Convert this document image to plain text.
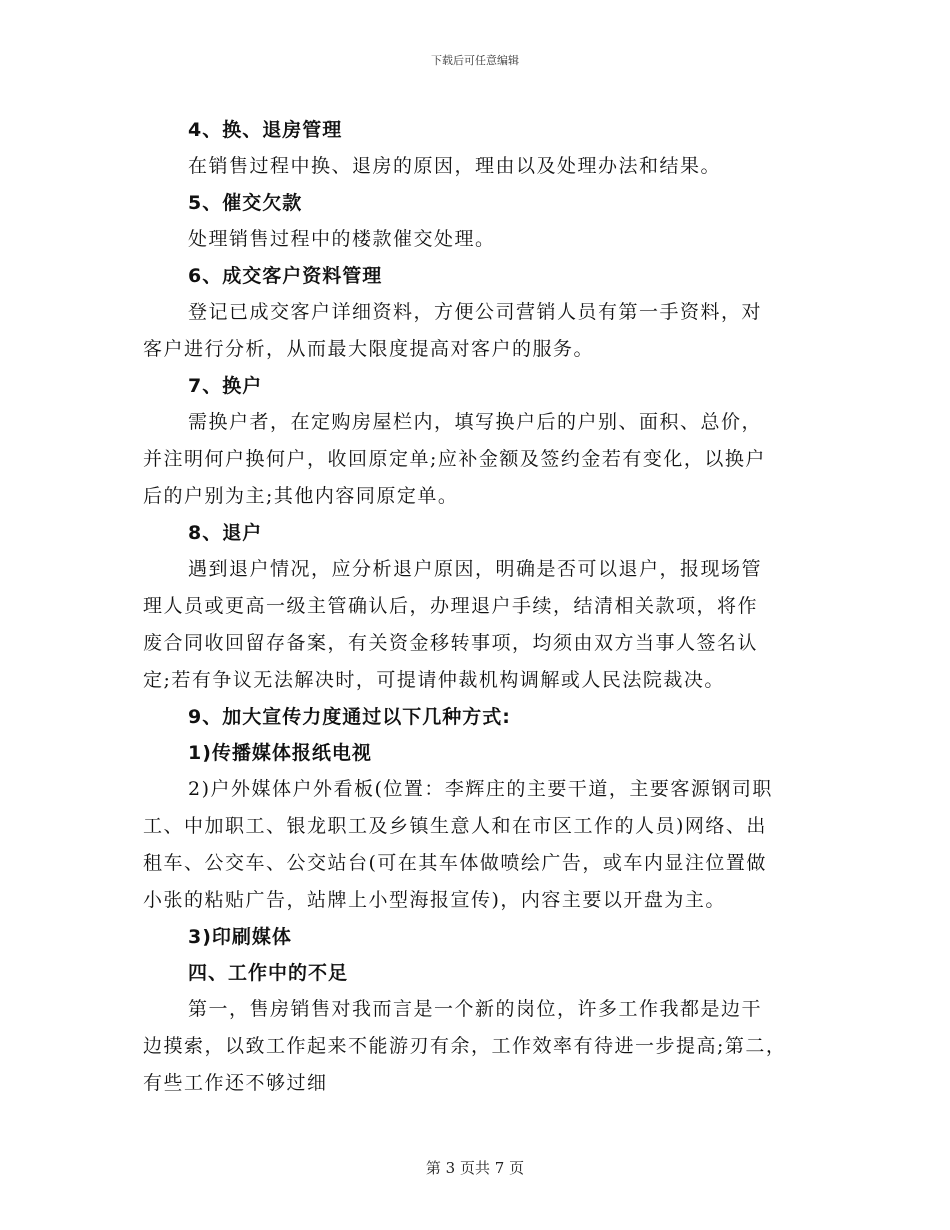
下载后可任意编辑
4、换、退房管理
在销售过程中换、退房的原因，理由以及处理办法和结果。
5、催交欠款
处理销售过程中的楼款催交处理。
6、成交客户资料管理
登记已成交客户详细资料，方便公司营销人员有第一手资料，对
客户进行分析，从而最大限度提高对客户的服务。
7、换户
需换户者，在定购房屋栏内，填写换户后的户别、面积、总价，
并注明何户换何户，收回原定单;应补金额及签约金若有变化，以换户
后的户别为主;其他内容同原定单。
8、退户
遇到退户情况，应分析退户原因，明确是否可以退户，报现场管
理人员或更高一级主管确认后，办理退户手续，结清相关款项，将作
废合同收回留存备案，有关资金移转事项，均须由双方当事人签名认
定;若有争议无法解决时，可提请仲裁机构调解或人民法院裁决。
9、加大宣传力度通过以下几种方式:
1)传播媒体报纸电视
2)户外媒体户外看板(位置：李辉庄的主要干道，主要客源钢司职
工、中加职工、银龙职工及乡镇生意人和在市区工作的人员)网络、出
租车、公交车、公交站台(可在其车体做喷绘广告，或车内显注位置做
小张的粘贴广告，站牌上小型海报宣传)，内容主要以开盘为主。
3)印刷媒体
四、工作中的不足
第一，售房销售对我而言是一个新的岗位，许多工作我都是边干
边摸索，以致工作起来不能游刃有余，工作效率有待进一步提高;第二，
有些工作还不够过细
第 3 页共 7 页
